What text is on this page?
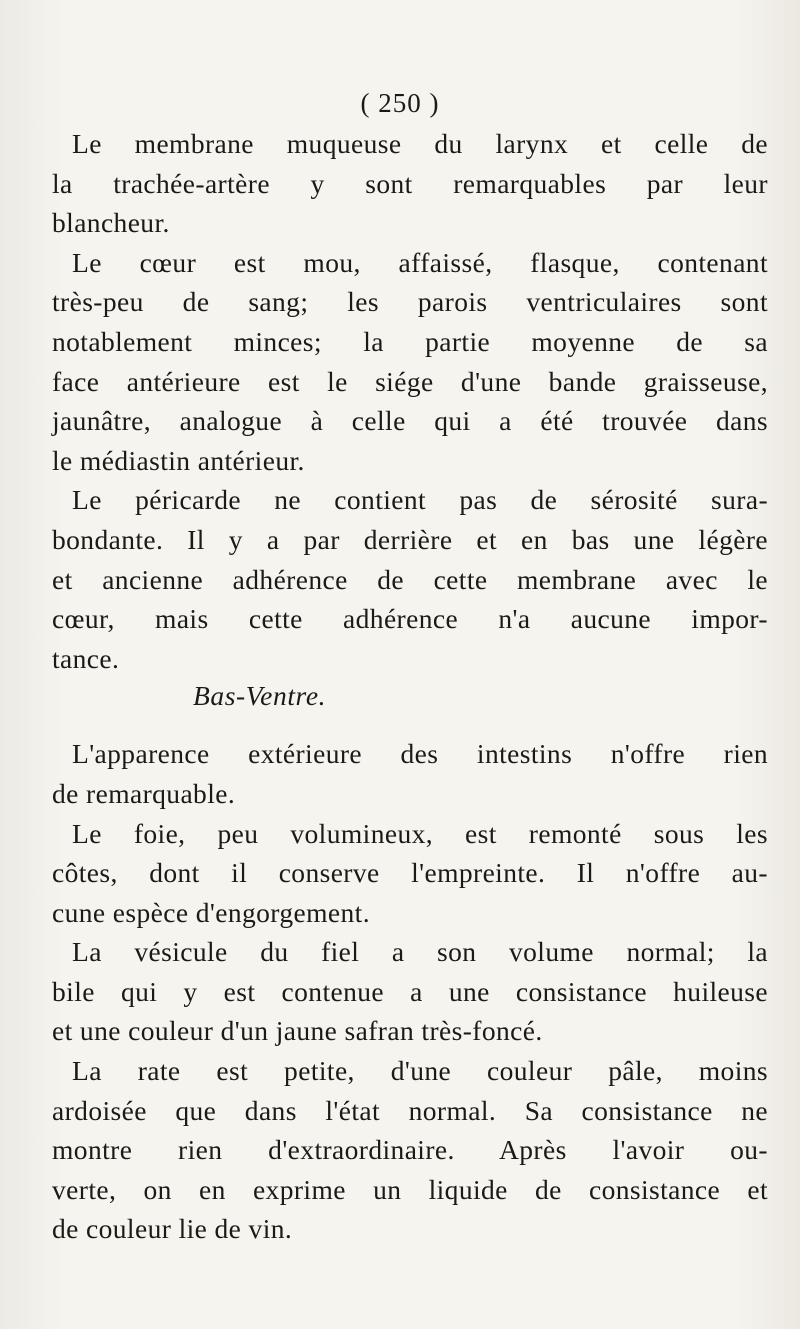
( 250 )
Le membrane muqueuse du larynx et celle de
la trachée-artère y sont remarquables par leur
blancheur.
Le cœur est mou, affaissé, flasque, contenant
très-peu de sang; les parois ventriculaires sont
notablement minces; la partie moyenne de sa
face antérieure est le siége d'une bande graisseuse,
jaunâtre, analogue à celle qui a été trouvée dans
le médiastin antérieur.
Le péricarde ne contient pas de sérosité sura-
bondante. Il y a par derrière et en bas une légère
et ancienne adhérence de cette membrane avec le
cœur, mais cette adhérence n'a aucune impor-
tance.
Bas-Ventre.
L'apparence extérieure des intestins n'offre rien
de remarquable.
Le foie, peu volumineux, est remonté sous les
côtes, dont il conserve l'empreinte. Il n'offre au-
cune espèce d'engorgement.
La vésicule du fiel a son volume normal; la
bile qui y est contenue a une consistance huileuse
et une couleur d'un jaune safran très-foncé.
La rate est petite, d'une couleur pâle, moins
ardoisée que dans l'état normal. Sa consistance ne
montre rien d'extraordinaire. Après l'avoir ou-
verte, on en exprime un liquide de consistance et
de couleur lie de vin.
